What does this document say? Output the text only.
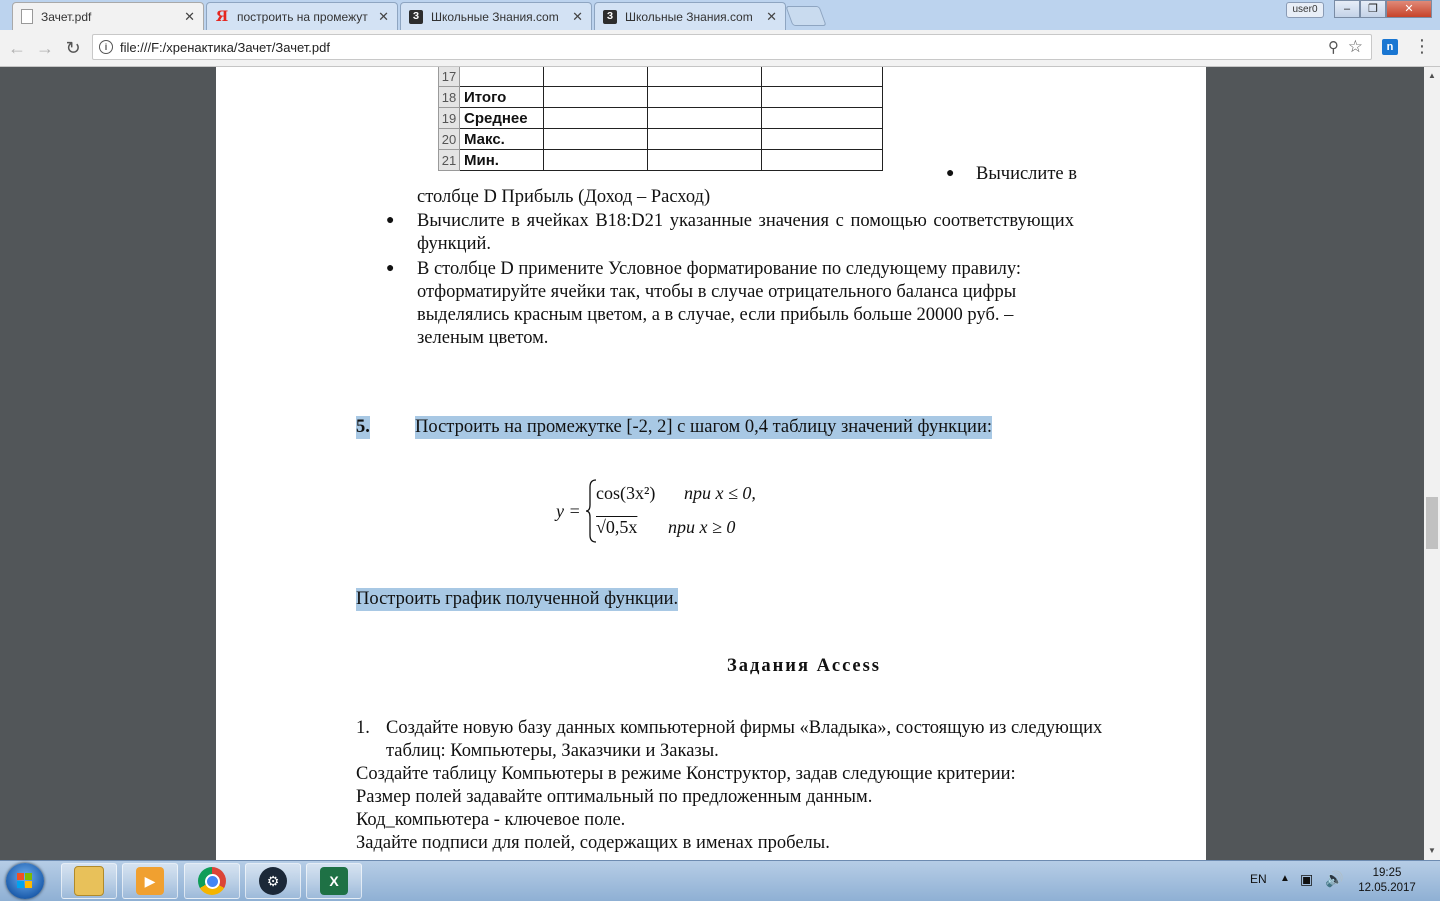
Зачет.pdf	✕ Я построить на промежут ✕	З Школьные Знания.com	✕	З Школьные Знания.com	✕	user0	–	❐	✕
← → ↻	i file:///F:/хренактика/Зачет/Зачет.pdf	⚲ ☆	n ⋮
17				
18	Итого			
19	Среднее			
20	Макс.			
21	Мин.			
● Вычислите в
столбце D Прибыль (Доход – Расход)
● Вычислите в ячейках B18:D21 указанные значения с помощью соответствующих
функций.
● В столбце D примените Условное форматирование по следующему правилу:
отформатируйте ячейки так, чтобы в случае отрицательного баланса цифры
выделялись красным цветом, а в случае, если прибыль больше 20000 руб. –
зеленым цветом.
5. Построить на промежутке [-2, 2] с шагом 0,4 таблицу значений функции:
y =
cos(3x²) при x ≤ 0,
√0,5x при x ≥ 0
Построить график полученной функции.
Задания Access
1. Создайте новую базу данных компьютерной фирмы «Владыка», состоящую из следующих
таблиц: Компьютеры, Заказчики и Заказы.
Создайте таблицу Компьютеры в режиме Конструктор, задав следующие критерии:
Размер полей задавайте оптимальный по предложенным данным.
Код_компьютера - ключевое поле.
Задайте подписи для полей, содержащих в именах пробелы.
▲
▼
▶	⚙	X	EN ▲ ▣ 🔊	19:25
12.05.2017
